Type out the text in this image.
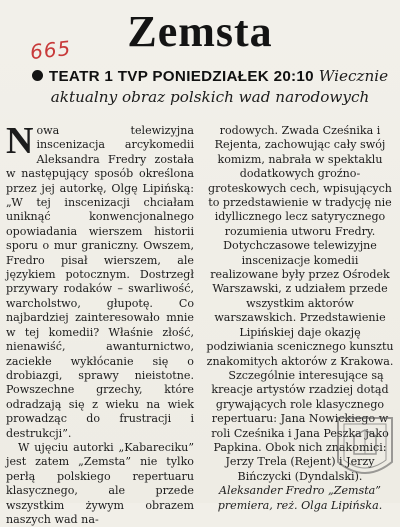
665	Zemsta
TEATR 1 TVP PONIEDZIAŁEK 20:10 Wiecznie aktualny obraz polskich wad narodowych

Nowa telewizyjna inscenizacja arcykomedii Aleksandra Fredry została w następujący sposób określona przez jej autorkę, Olgę Lipińską: „W tej inscenizacji chciałam uniknąć konwencjonalnego opowiadania wierszem historii sporu o mur graniczny. Owszem, Fredro pisał wierszem, ale językiem potocznym. Dostrzegł przywary rodaków – swarliwość, warcholstwo, głupotę. Co najbardziej zainteresowało mnie w tej komedii? Właśnie złość, nienawiść, awanturnictwo, zaciekłe wykłócanie się o drobiazgi, sprawy nieistotne. Powszechne grzechy, które odradzają się z wieku na wiek prowadząc do frustracji i destrukcji”.

W ujęciu autorki „Kabareciku” jest zatem „Zemsta” nie tylko perłą polskiego repertuaru klasycznego, ale przede wszystkim żywym obrazem naszych wad na-

rodowych. Zwada Cześnika i Rejenta, zachowując cały swój komizm, nabrała w spektaklu dodatkowych groźno-groteskowych cech, wpisujących to przedstawienie w tradycję nie idyllicznego lecz satyrycznego rozumienia utworu Fredry. Dotychczasowe telewizyjne inscenizacje komedii realizowane były przez Ośrodek Warszawski, z udziałem przede wszystkim aktorów warszawskich. Przedstawienie Lipińskiej daje okazję podziwiania scenicznego kunsztu znakomitych aktorów z Krakowa.

Szczególnie interesujące są kreacje artystów rzadziej dotąd grywających role klasycznego repertuaru: Jana Nowickiego w roli Cześnika i Jana Peszka jako Papkina. Obok nich znakomici: Jerzy Trela (Rejent) i Jerzy Bińczycki (Dyndalski).

Aleksander Fredro „Zemsta” premiera, reż. Olga Lipińska.
